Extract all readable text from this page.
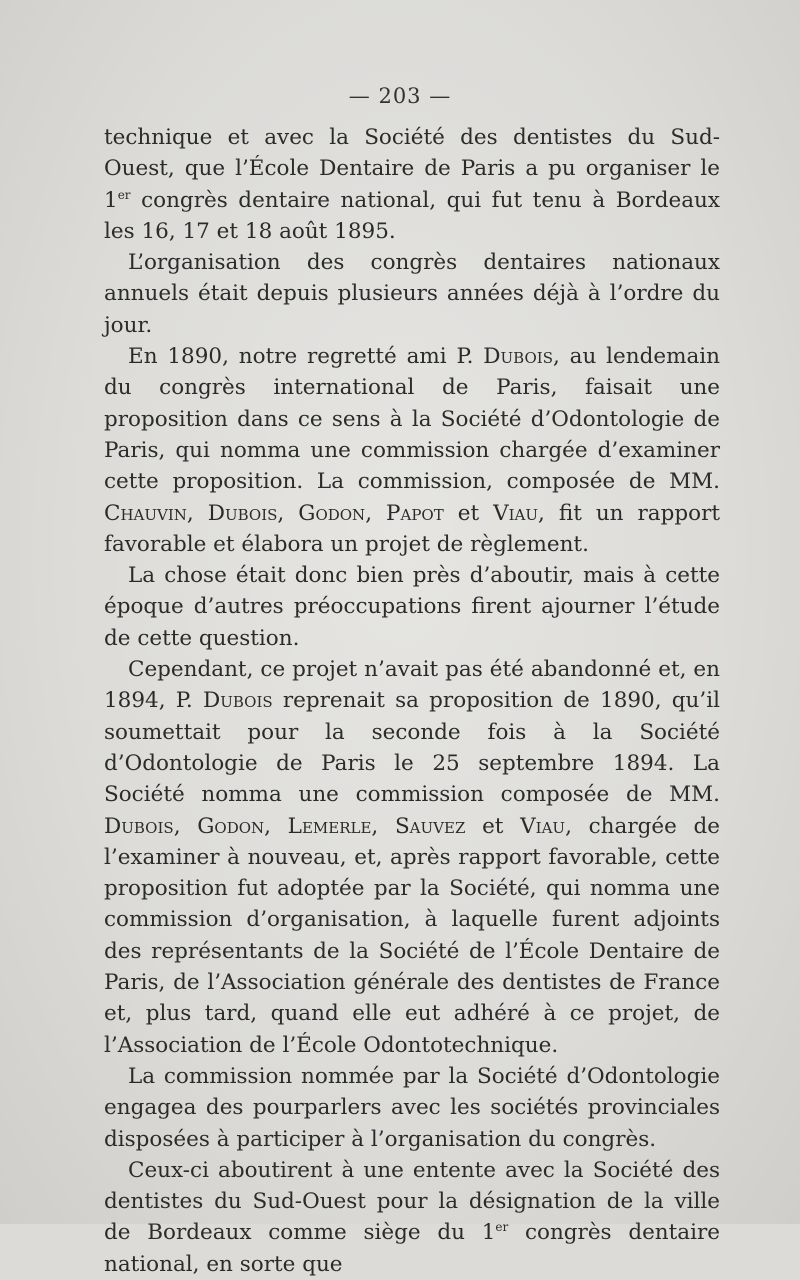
— 203 —

technique et avec la Société des dentistes du Sud-Ouest, que l’École Dentaire de Paris a pu organiser le 1er congrès dentaire national, qui fut tenu à Bordeaux les 16, 17 et 18 août 1895.

L’organisation des congrès dentaires nationaux annuels était depuis plusieurs années déjà à l’ordre du jour.

En 1890, notre regretté ami P. Dubois, au lendemain du congrès international de Paris, faisait une proposition dans ce sens à la Société d’Odontologie de Paris, qui nomma une commission chargée d’examiner cette proposition. La commission, composée de MM. Chauvin, Dubois, Godon, Papot et Viau, fit un rapport favorable et élabora un projet de règlement.

La chose était donc bien près d’aboutir, mais à cette époque d’autres préoccupations firent ajourner l’étude de cette question.

Cependant, ce projet n’avait pas été abandonné et, en 1894, P. Dubois reprenait sa proposition de 1890, qu’il soumettait pour la seconde fois à la Société d’Odontologie de Paris le 25 septembre 1894. La Société nomma une commission composée de MM. Dubois, Godon, Lemerle, Sauvez et Viau, chargée de l’examiner à nouveau, et, après rapport favorable, cette proposition fut adoptée par la Société, qui nomma une commission d’organisation, à laquelle furent adjoints des représentants de la Société de l’École Dentaire de Paris, de l’Association générale des dentistes de France et, plus tard, quand elle eut adhéré à ce projet, de l’Association de l’École Odontotechnique.

La commission nommée par la Société d’Odontologie engagea des pourparlers avec les sociétés provinciales disposées à participer à l’organisation du congrès.

Ceux-ci aboutirent à une entente avec la Société des dentistes du Sud-Ouest pour la désignation de la ville de Bordeaux comme siège du 1er congrès dentaire national, en sorte que
